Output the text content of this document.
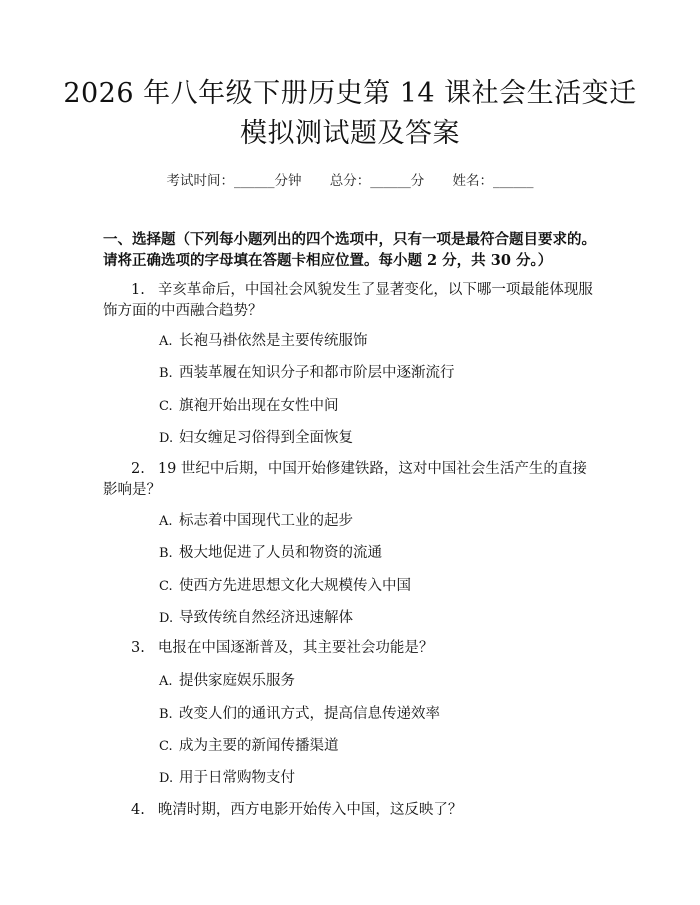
2026 年八年级下册历史第 14 课社会生活变迁模拟测试题及答案
考试时间：______分钟 总分：______分 姓名：______

一、选择题（下列每小题列出的四个选项中，只有一项是最符合题目要求的。请将正确选项的字母填在答题卡相应位置。每小题 2 分，共 30 分。）

1. 辛亥革命后，中国社会风貌发生了显著变化，以下哪一项最能体现服饰方面的中西融合趋势？
A. 长袍马褂依然是主要传统服饰
B. 西装革履在知识分子和都市阶层中逐渐流行
C. 旗袍开始出现在女性中间
D. 妇女缠足习俗得到全面恢复
2. 19 世纪中后期，中国开始修建铁路，这对中国社会生活产生的直接影响是？
A. 标志着中国现代工业的起步
B. 极大地促进了人员和物资的流通
C. 使西方先进思想文化大规模传入中国
D. 导致传统自然经济迅速解体
3. 电报在中国逐渐普及，其主要社会功能是？
A. 提供家庭娱乐服务
B. 改变人们的通讯方式，提高信息传递效率
C. 成为主要的新闻传播渠道
D. 用于日常购物支付
4. 晚清时期，西方电影开始传入中国，这反映了？
